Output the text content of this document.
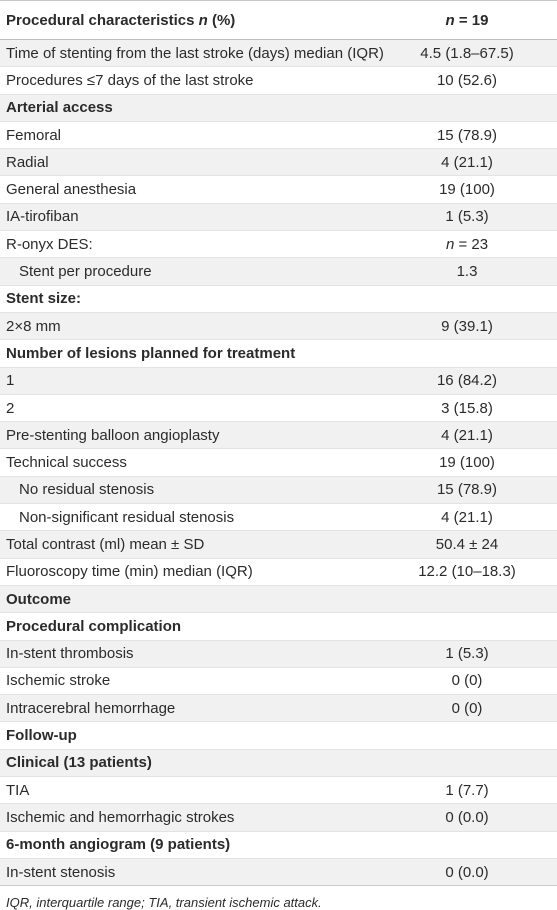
Procedural characteristics n (%)	n = 19
Time of stenting from the last stroke (days) median (IQR)	4.5 (1.8–67.5)
Procedures ≤7 days of the last stroke	10 (52.6)
Arterial access	
Femoral	15 (78.9)
Radial	4 (21.1)
General anesthesia	19 (100)
IA-tirofiban	1 (5.3)
R-onyx DES:	n = 23
Stent per procedure	1.3
Stent size:	
2×8 mm	9 (39.1)
Number of lesions planned for treatment	
1	16 (84.2)
2	3 (15.8)
Pre-stenting balloon angioplasty	4 (21.1)
Technical success	19 (100)
No residual stenosis	15 (78.9)
Non-significant residual stenosis	4 (21.1)
Total contrast (ml) mean ± SD	50.4 ± 24
Fluoroscopy time (min) median (IQR)	12.2 (10–18.3)
Outcome	
Procedural complication	
In-stent thrombosis	1 (5.3)
Ischemic stroke	0 (0)
Intracerebral hemorrhage	0 (0)
Follow-up	
Clinical (13 patients)	
TIA	1 (7.7)
Ischemic and hemorrhagic strokes	0 (0.0)
6-month angiogram (9 patients)	
In-stent stenosis	0 (0.0)
IQR, interquartile range; TIA, transient ischemic attack.
